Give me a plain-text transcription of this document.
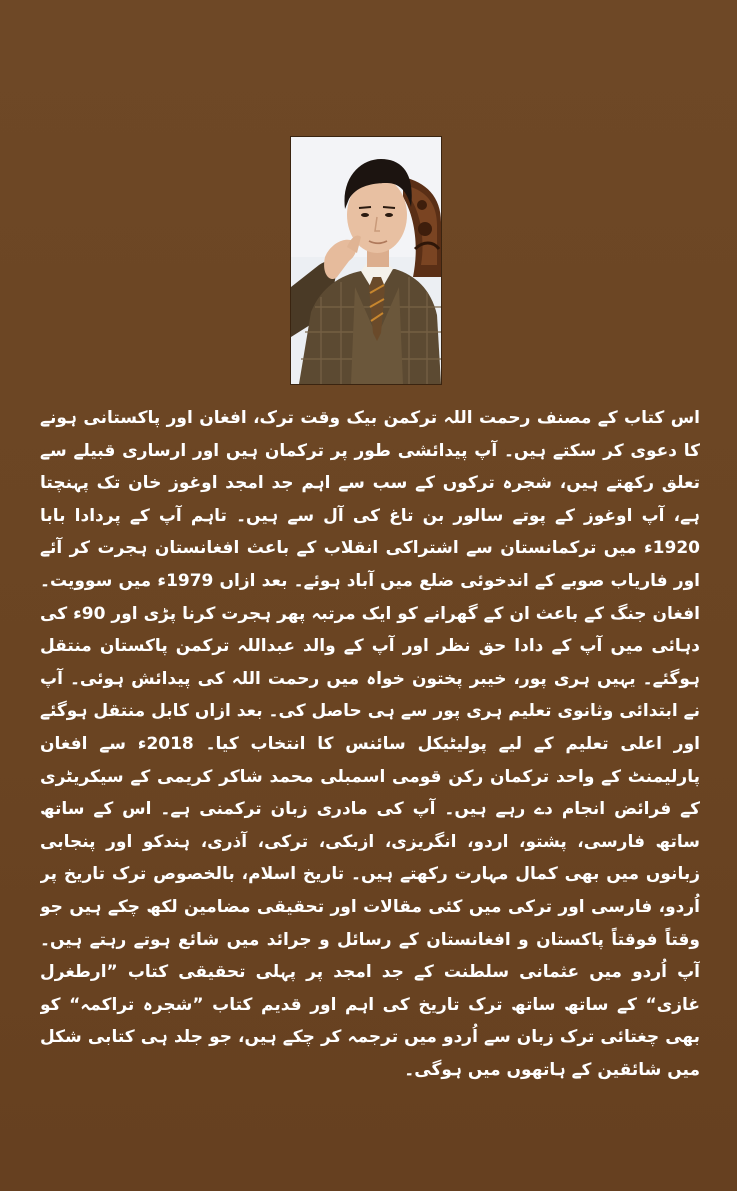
اس کتاب کے مصنف رحمت اللہ ترکمن بیک وقت ترک، افغان اور پاکستانی ہونے کا دعوی کر سکتے ہیں۔ آپ پیدائشی طور پر ترکمان ہیں اور ارساری قبیلے سے تعلق رکھتے ہیں، شجرہ ترکوں کے سب سے اہم جد امجد اوغوز خان تک پہنچتا ہے، آپ اوغوز کے پوتے سالور بن تاغ کی آل سے ہیں۔ تاہم آپ کے پردادا بابا 1920ء میں ترکمانستان سے اشتراکی انقلاب کے باعث افغانستان ہجرت کر آئے اور فاریاب صوبے کے اندخوئی ضلع میں آباد ہوئے۔ بعد ازاں 1979ء میں سوویت۔افغان جنگ کے باعث ان کے گھرانے کو ایک مرتبہ پھر ہجرت کرنا پڑی اور 90ء کی دہائی میں آپ کے دادا حق نظر اور آپ کے والد عبداللہ ترکمن پاکستان منتقل ہوگئے۔ یہیں ہری پور، خیبر پختون خواہ میں رحمت اللہ کی پیدائش ہوئی۔ آپ نے ابتدائی وثانوی تعلیم ہری پور سے ہی حاصل کی۔ بعد ازاں کابل منتقل ہوگئے اور اعلی تعلیم کے لیے پولیٹیکل سائنس کا انتخاب کیا۔ 2018ء سے افغان پارلیمنٹ کے واحد ترکمان رکن قومی اسمبلی محمد شاکر کریمی کے سیکریٹری کے فرائض انجام دے رہے ہیں۔ آپ کی مادری زبان ترکمنی ہے۔ اس کے ساتھ ساتھ فارسی، پشتو، اردو، انگریزی، ازبکی، ترکی، آذری، ہندکو اور پنجابی زبانوں میں بھی کمال مہارت رکھتے ہیں۔ تاریخ اسلام، بالخصوص ترک تاریخ پر اُردو، فارسی اور ترکی میں کئی مقالات اور تحقیقی مضامین لکھ چکے ہیں جو وقتاً فوقتاً پاکستان و افغانستان کے رسائل و جرائد میں شائع ہوتے رہتے ہیں۔ آپ اُردو میں عثمانی سلطنت کے جد امجد پر پہلی تحقیقی کتاب ”ارطغرل غازی“ کے ساتھ ساتھ ترک تاریخ کی اہم اور قدیم کتاب ”شجرہ تراکمہ“ کو بھی چغتائی ترک زبان سے اُردو میں ترجمہ کر چکے ہیں، جو جلد ہی کتابی شکل میں شائقین کے ہاتھوں میں ہوگی۔
